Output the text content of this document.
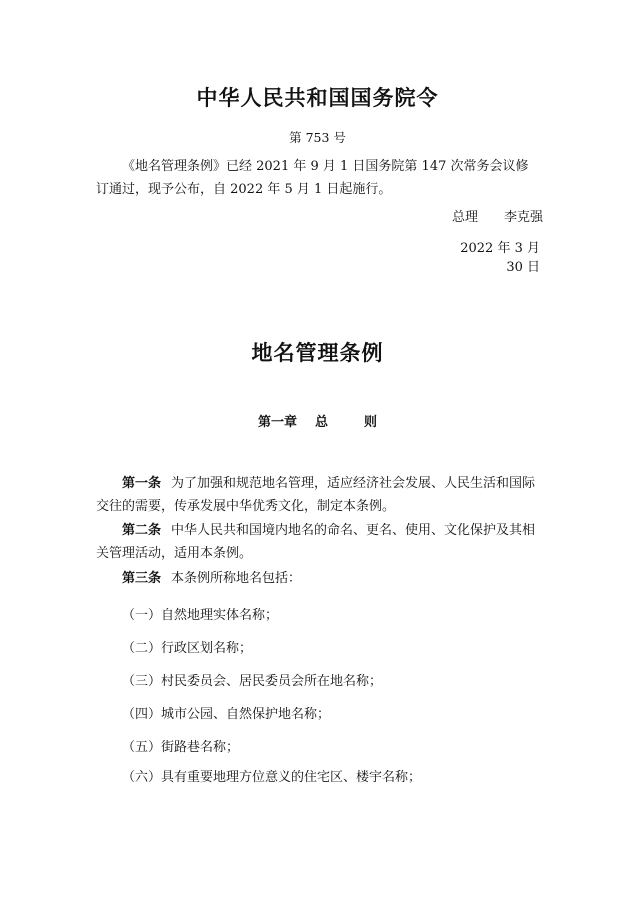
中华人民共和国国务院令
第 753 号
《地名管理条例》已经 2021 年 9 月 1 日国务院第 147 次常务会议修订通过，现予公布，自 2022 年 5 月 1 日起施行。
总理 李克强
2022 年 3 月 30 日
地名管理条例
第一章 总	则
第一条 为了加强和规范地名管理，适应经济社会发展、人民生活和国际交往的需要，传承发展中华优秀文化，制定本条例。
第二条 中华人民共和国境内地名的命名、更名、使用、文化保护及其相关管理活动，适用本条例。
第三条 本条例所称地名包括：
（一）自然地理实体名称；
（二）行政区划名称；
（三）村民委员会、居民委员会所在地名称；
（四）城市公园、自然保护地名称；
（五）街路巷名称；
（六）具有重要地理方位意义的住宅区、楼宇名称；
